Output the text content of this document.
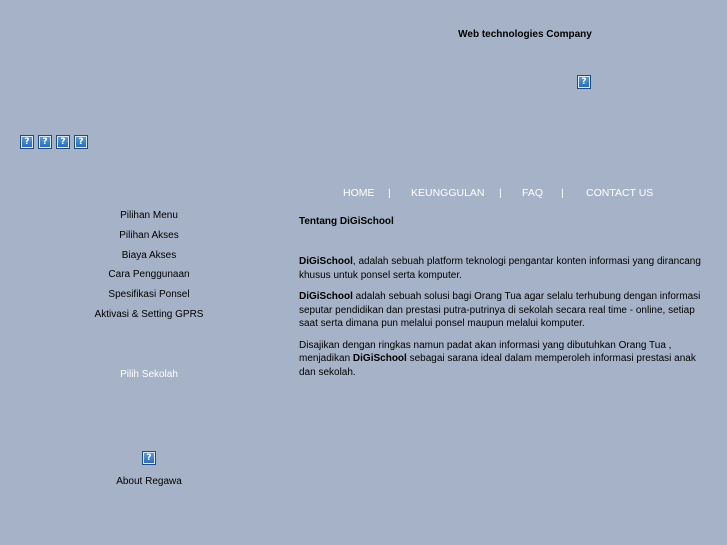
Web technologies Company
?
?	?	?	?
HOME | KEUNGGULAN | FAQ | CONTACT US
Pilihan Menu
Pilihan Akses
Biaya Akses
Cara Penggunaan
Spesifikasi Ponsel
Aktivasi & Setting GPRS
Pilih Sekolah
?
About Regawa
Tentang DiGiSchool

DiGiSchool, adalah sebuah platform teknologi pengantar konten informasi yang dirancang khusus untuk ponsel serta komputer.

DiGiSchool adalah sebuah solusi bagi Orang Tua agar selalu terhubung dengan informasi seputar pendidikan dan prestasi putra-putrinya di sekolah secara real time - online, setiap saat serta dimana pun melalui ponsel maupun melalui komputer.

Disajikan dengan ringkas namun padat akan informasi yang dibutuhkan Orang Tua , menjadikan DiGiSchool sebagai sarana ideal dalam memperoleh informasi prestasi anak dan sekolah.
